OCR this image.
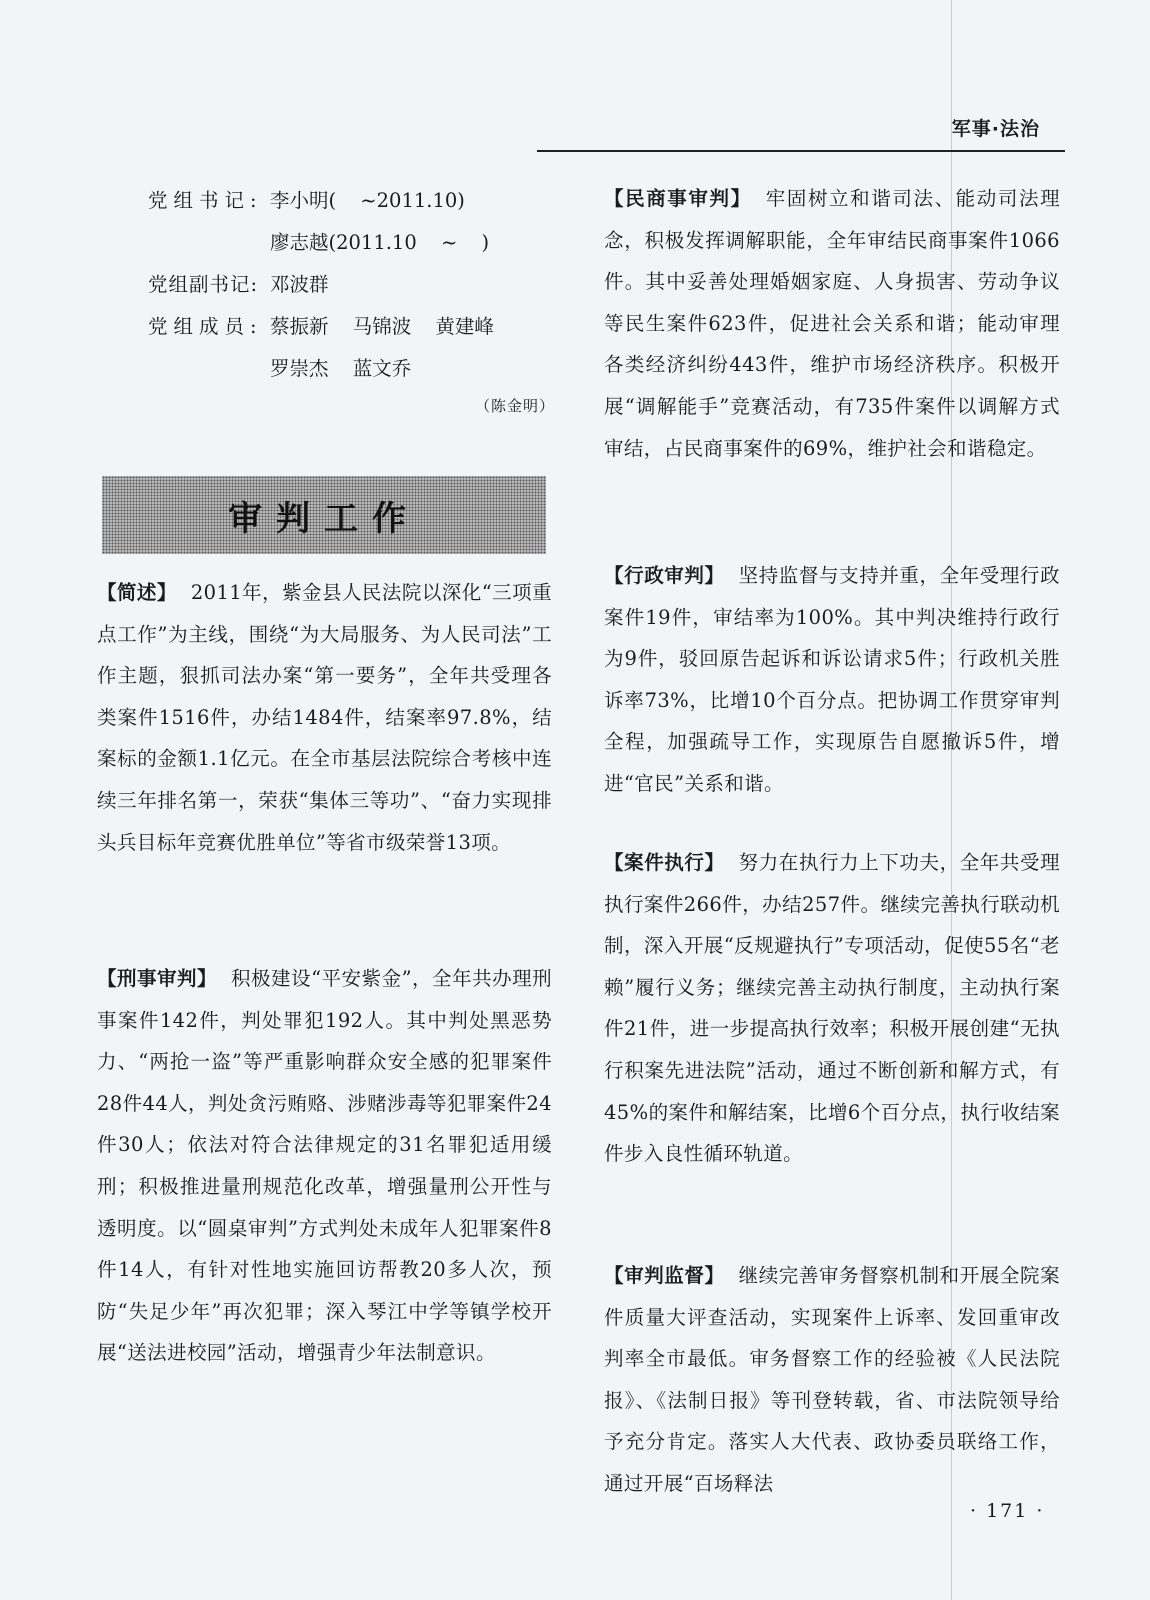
军事·法治
党组书记: 李小明( ~2011.10)
廖志越(2011.10 ~ )
党组副书记: 邓波群
党组成员: 蔡振新 马锦波 黄建峰
罗崇杰 蓝文乔
（陈金明）
审判工作

【简述】 2011年，紫金县人民法院以深化“三项重点工作”为主线，围绕“为大局服务、为人民司法”工作主题，狠抓司法办案“第一要务”，全年共受理各类案件1516件，办结1484件，结案率97.8%，结案标的金额1.1亿元。在全市基层法院综合考核中连续三年排名第一，荣获“集体三等功”、“奋力实现排头兵目标年竞赛优胜单位”等省市级荣誉13项。

【刑事审判】 积极建设“平安紫金”，全年共办理刑事案件142件，判处罪犯192人。其中判处黑恶势力、“两抢一盗”等严重影响群众安全感的犯罪案件28件44人，判处贪污贿赂、涉赌涉毒等犯罪案件24件30人；依法对符合法律规定的31名罪犯适用缓刑；积极推进量刑规范化改革，增强量刑公开性与透明度。以“圆桌审判”方式判处未成年人犯罪案件8件14人，有针对性地实施回访帮教20多人次，预防“失足少年”再次犯罪；深入琴江中学等镇学校开展“送法进校园”活动，增强青少年法制意识。

【民商事审判】 牢固树立和谐司法、能动司法理念，积极发挥调解职能，全年审结民商事案件1066件。其中妥善处理婚姻家庭、人身损害、劳动争议等民生案件623件，促进社会关系和谐；能动审理各类经济纠纷443件，维护市场经济秩序。积极开展“调解能手”竞赛活动，有735件案件以调解方式审结，占民商事案件的69%，维护社会和谐稳定。

【行政审判】 坚持监督与支持并重，全年受理行政案件19件，审结率为100%。其中判决维持行政行为9件，驳回原告起诉和诉讼请求5件；行政机关胜诉率73%，比增10个百分点。把协调工作贯穿审判全程，加强疏导工作，实现原告自愿撤诉5件，增进“官民”关系和谐。

【案件执行】 努力在执行力上下功夫，全年共受理执行案件266件，办结257件。继续完善执行联动机制，深入开展“反规避执行”专项活动，促使55名“老赖”履行义务；继续完善主动执行制度，主动执行案件21件，进一步提高执行效率；积极开展创建“无执行积案先进法院”活动，通过不断创新和解方式，有45%的案件和解结案，比增6个百分点，执行收结案件步入良性循环轨道。

【审判监督】 继续完善审务督察机制和开展全院案件质量大评查活动，实现案件上诉率、发回重审改判率全市最低。审务督察工作的经验被《人民法院报》、《法制日报》等刊登转载，省、市法院领导给予充分肯定。落实人大代表、政协委员联络工作，通过开展“百场释法

· 171 ·
